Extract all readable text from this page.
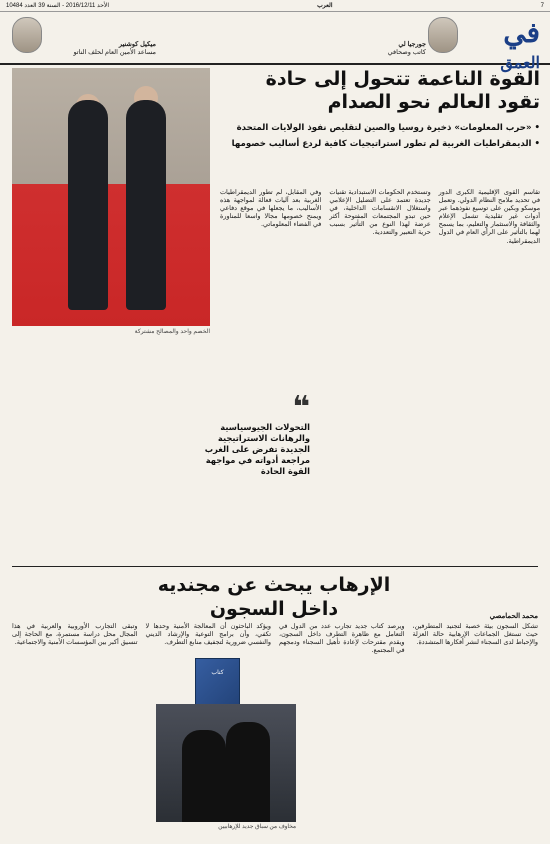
7
العرب
الأحد 2016/12/11 - السنة 39 العدد 10484
في
العمق
جورجيا لي
كاتب وصحافي
ميكيل كوشنير
مساعد الأمين العام لحلف الناتو
القوة الناعمة تتحول إلى حادة
تقود العالم نحو الصدام
• «حرب المعلومات» ذخيرة روسيا والصين لتقليص نفوذ الولايات المتحدة
• الديمقراطيات الغربية لم تطور استراتيجيات كافية لردع أساليب خصومها
الخصم واحد والمصالح مشتركة
تقاسم القوى الإقليمية الكبرى الدور في تحديد ملامح النظام الدولي. وتعمل موسكو وبكين على توسيع نفوذهما عبر أدوات غير تقليدية تشمل الإعلام والثقافة والاستثمار والتعليم، بما يسمح لهما بالتأثير على الرأي العام في الدول الديمقراطية.
وتستخدم الحكومات الاستبدادية تقنيات جديدة تعتمد على التضليل الإعلامي واستغلال الانقسامات الداخلية، في حين تبدو المجتمعات المفتوحة أكثر عرضة لهذا النوع من التأثير بسبب حرية التعبير والتعددية.
وفي المقابل، لم تطور الديمقراطيات الغربية بعد آليات فعالة لمواجهة هذه الأساليب، ما يجعلها في موقع دفاعي ويمنح خصومها مجالا واسعا للمناورة في الفضاء المعلوماتي.
❝
التحولات الجيوسياسية والرهانات الاستراتيجية الجديدة تفرض على الغرب مراجعة أدواته في مواجهة القوة الحادة
الإرهاب يبحث عن مجنديه داخل السجون	محمد الحمامصي
تشكل السجون بيئة خصبة لتجنيد المتطرفين، حيث تستغل الجماعات الإرهابية حالة العزلة والإحباط لدى السجناء لنشر أفكارها المتشددة.
ويرصد كتاب جديد تجارب عدد من الدول في التعامل مع ظاهرة التطرف داخل السجون، ويقدم مقترحات لإعادة تأهيل السجناء ودمجهم في المجتمع.
ويؤكد الباحثون أن المعالجة الأمنية وحدها لا تكفي، وأن برامج التوعية والإرشاد الديني والنفسي ضرورية لتجفيف منابع التطرف.
وتبقى التجارب الأوروبية والعربية في هذا المجال محل دراسة مستمرة، مع الحاجة إلى تنسيق أكبر بين المؤسسات الأمنية والاجتماعية.
كتاب
مخاوف من سباق جديد للإرهابيين
